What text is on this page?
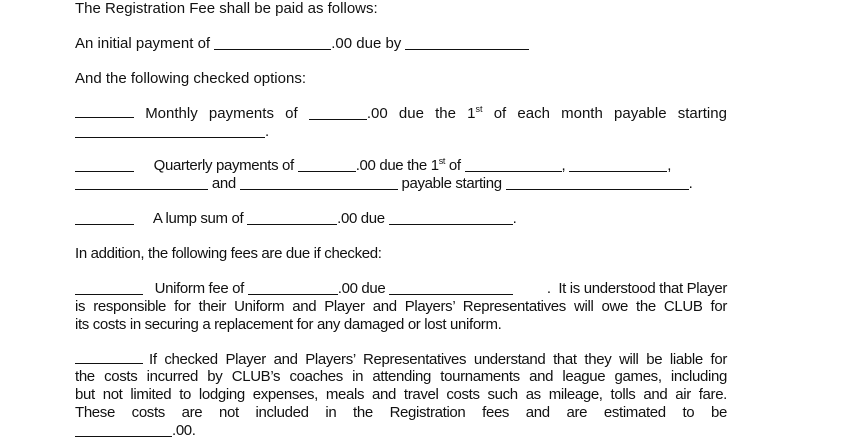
The Registration Fee shall be paid as follows:
An initial payment of	.00 due by
And the following checked options:
Monthly payments of	.00 due the 1st of each month payable starting
.
Quarterly payments of	.00 due the 1st of	,	,
and	payable starting	.
A lump sum of	.00 due	.
In addition, the following fees are due if checked:
Uniform fee of	.00 due	.  It is understood that Player
is responsible for their Uniform and Player and Players’ Representatives will owe the CLUB for
its costs in securing a replacement for any damaged or lost uniform.
If checked Player and Players’ Representatives understand that they will be liable for
the costs incurred by CLUB’s coaches in attending tournaments and league games, including
but not limited to lodging expenses, meals and travel costs such as mileage, tolls and air fare.
These costs are not included in the Registration fees and are estimated to be
.00.
